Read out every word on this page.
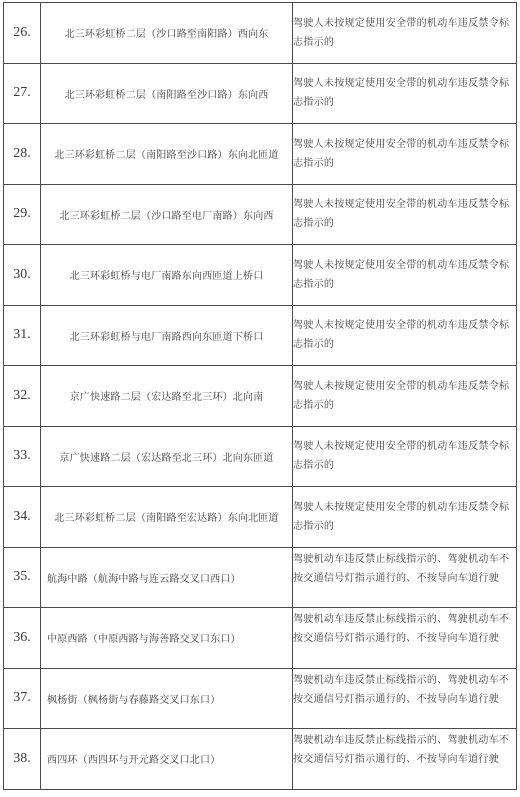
26.	北三环彩虹桥二层（沙口路至南阳路）西向东	驾驶人未按规定使用安全带的机动车违反禁令标志指示的
27.	北三环彩虹桥二层（南阳路至沙口路）东向西	驾驶人未按规定使用安全带的机动车违反禁令标志指示的
28.	北三环彩虹桥二层（南阳路至沙口路）东向北匝道	驾驶人未按规定使用安全带的机动车违反禁令标志指示的
29.	北三环彩虹桥二层（沙口路至电厂南路）东向西	驾驶人未按规定使用安全带的机动车违反禁令标志指示的
30.	北三环彩虹桥与电厂南路东向西匝道上桥口	驾驶人未按规定使用安全带的机动车违反禁令标志指示的
31.	北三环彩虹桥与电厂南路西向东匝道下桥口	驾驶人未按规定使用安全带的机动车违反禁令标志指示的
32.	京广快速路二层（宏达路至北三环）北向南	驾驶人未按规定使用安全带的机动车违反禁令标志指示的
33.	京广快速路二层（宏达路至北三环）北向东匝道	驾驶人未按规定使用安全带的机动车违反禁令标志指示的
34.	北三环彩虹桥二层（南阳路至宏达路）东向北匝道	驾驶人未按规定使用安全带的机动车违反禁令标志指示的
35.	航海中路（航海中路与连云路交叉口西口）	驾驶机动车违反禁止标线指示的、驾驶机动车不按交通信号灯指示通行的、不按导向车道行驶
36.	中原西路（中原西路与海善路交叉口东口）	驾驶机动车违反禁止标线指示的、驾驶机动车不按交通信号灯指示通行的、不按导向车道行驶
37.	枫杨街（枫杨街与春藤路交叉口东口）	驾驶机动车违反禁止标线指示的、驾驶机动车不按交通信号灯指示通行的、不按导向车道行驶
38.	西四环（西四环与开元路交叉口北口）	驾驶机动车违反禁止标线指示的、驾驶机动车不按交通信号灯指示通行的、不按导向车道行驶
